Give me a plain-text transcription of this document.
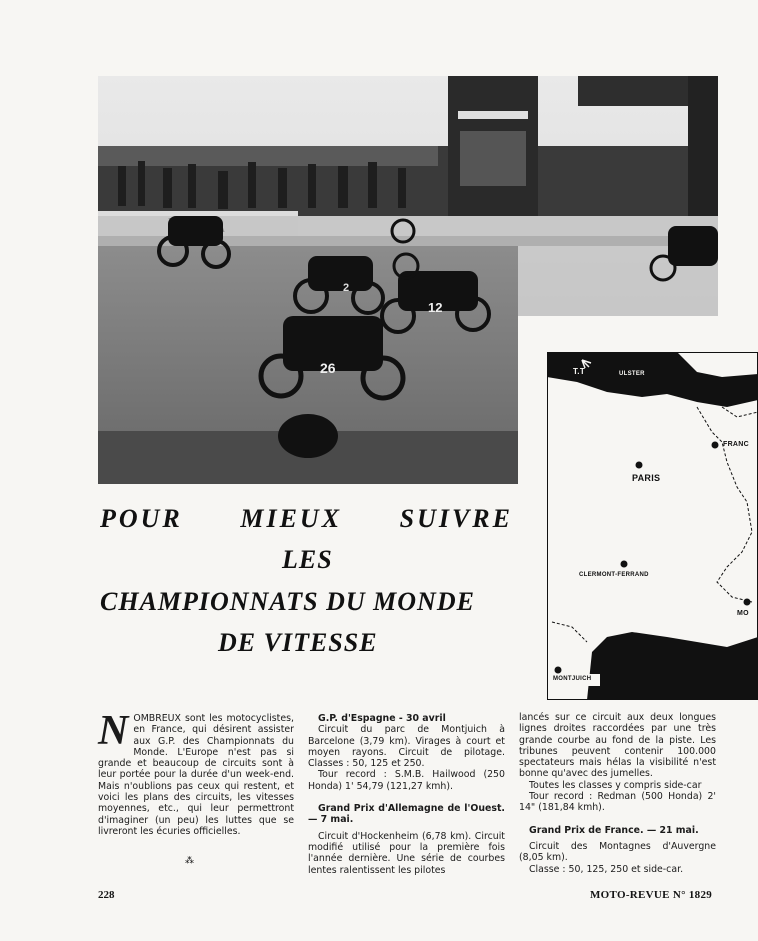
26
12
2
T.T	ULSTER
FRANC
PARIS
CLERMONT-FERRAND
MO
MONTJUICH
POUR MIEUX SUIVRE
LES
CHAMPIONNATS DU MONDE
DE VITESSE
N OMBREUX sont les motocyclistes, en France, qui désirent assister aux G.P. des Championnats du Monde. L'Europe n'est pas si grande et beaucoup de circuits sont à leur portée pour la durée d'un week-end. Mais n'oublions pas ceux qui restent, et voici les plans des circuits, les vitesses moyennes, etc., qui leur permettront d'imaginer (un peu) les luttes que se livreront les écuries officielles.

G.P. d'Espagne - 30 avril

Circuit du parc de Montjuich à Barcelone (3,79 km). Virages à court et moyen rayons. Circuit de pilotage. Classes : 50, 125 et 250.

Tour record : S.M.B. Hailwood (250 Honda) 1' 54,79 (121,27 kmh).

Grand Prix d'Allemagne de l'Ouest. — 7 mai.

Circuit d'Hockenheim (6,78 km). Circuit modifié utilisé pour la première fois l'année dernière. Une série de courbes lentes ralentissent les pilotes

lancés sur ce circuit aux deux longues lignes droites raccordées par une très grande courbe au fond de la piste. Les tribunes peuvent contenir 100.000 spectateurs mais hélas la visibilité n'est bonne qu'avec des jumelles.

Toutes les classes y compris side-car

Tour record : Redman (500 Honda) 2' 14" (181,84 kmh).

Grand Prix de France. — 21 mai.

Circuit des Montagnes d'Auvergne (8,05 km).

Classe : 50, 125, 250 et side-car.

⁂
228	MOTO-REVUE N° 1829
